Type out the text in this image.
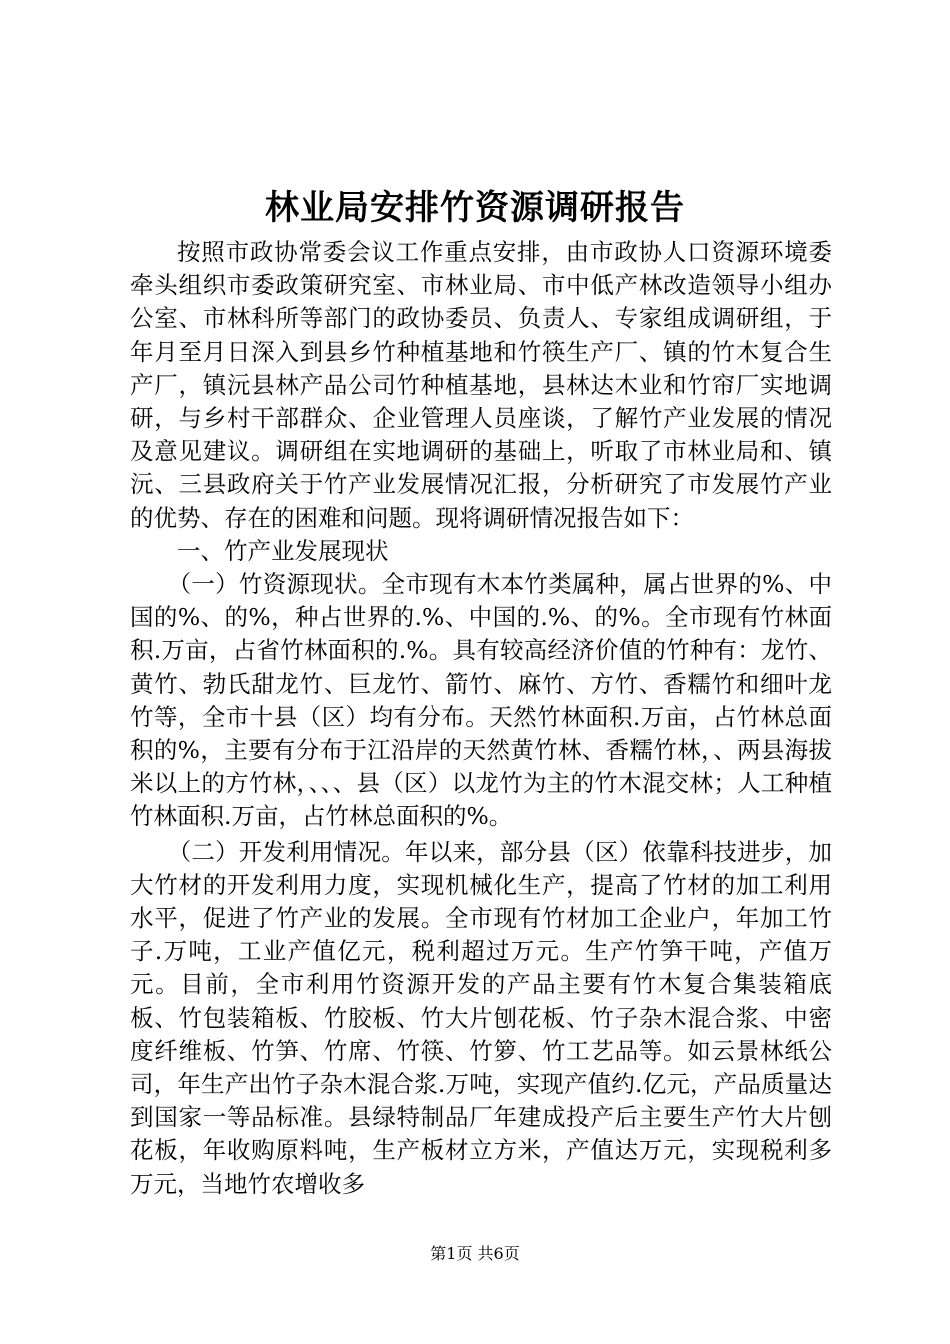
林业局安排竹资源调研报告

按照市政协常委会议工作重点安排，由市政协人口资源环境委牵头组织市委政策研究室、市林业局、市中低产林改造领导小组办公室、市林科所等部门的政协委员、负责人、专家组成调研组，于年月至月日深入到县乡竹种植基地和竹筷生产厂、镇的竹木复合生产厂，镇沅县林产品公司竹种植基地，县林达木业和竹帘厂实地调研，与乡村干部群众、企业管理人员座谈，了解竹产业发展的情况及意见建议。调研组在实地调研的基础上，听取了市林业局和、镇沅、三县政府关于竹产业发展情况汇报，分析研究了市发展竹产业的优势、存在的困难和问题。现将调研情况报告如下：

一、竹产业发展现状

（一）竹资源现状。全市现有木本竹类属种，属占世界的%、中国的%、的%，种占世界的.%、中国的.%、的%。全市现有竹林面积.万亩，占省竹林面积的.%。具有较高经济价值的竹种有：龙竹、黄竹、勃氏甜龙竹、巨龙竹、箭竹、麻竹、方竹、香糯竹和细叶龙竹等，全市十县（区）均有分布。天然竹林面积.万亩，占竹林总面积的%，主要有分布于江沿岸的天然黄竹林、香糯竹林，、两县海拔米以上的方竹林，、、、县（区）以龙竹为主的竹木混交林；人工种植竹林面积.万亩，占竹林总面积的%。

（二）开发利用情况。年以来，部分县（区）依靠科技进步，加大竹材的开发利用力度，实现机械化生产，提高了竹材的加工利用水平，促进了竹产业的发展。全市现有竹材加工企业户，年加工竹子.万吨，工业产值亿元，税利超过万元。生产竹笋干吨，产值万元。目前，全市利用竹资源开发的产品主要有竹木复合集装箱底板、竹包装箱板、竹胶板、竹大片刨花板、竹子杂木混合浆、中密度纤维板、竹笋、竹席、竹筷、竹箩、竹工艺品等。如云景林纸公司，年生产出竹子杂木混合浆.万吨，实现产值约.亿元，产品质量达到国家一等品标准。县绿特制品厂年建成投产后主要生产竹大片刨花板，年收购原料吨，生产板材立方米，产值达万元，实现税利多万元，当地竹农增收多

第1页 共6页
